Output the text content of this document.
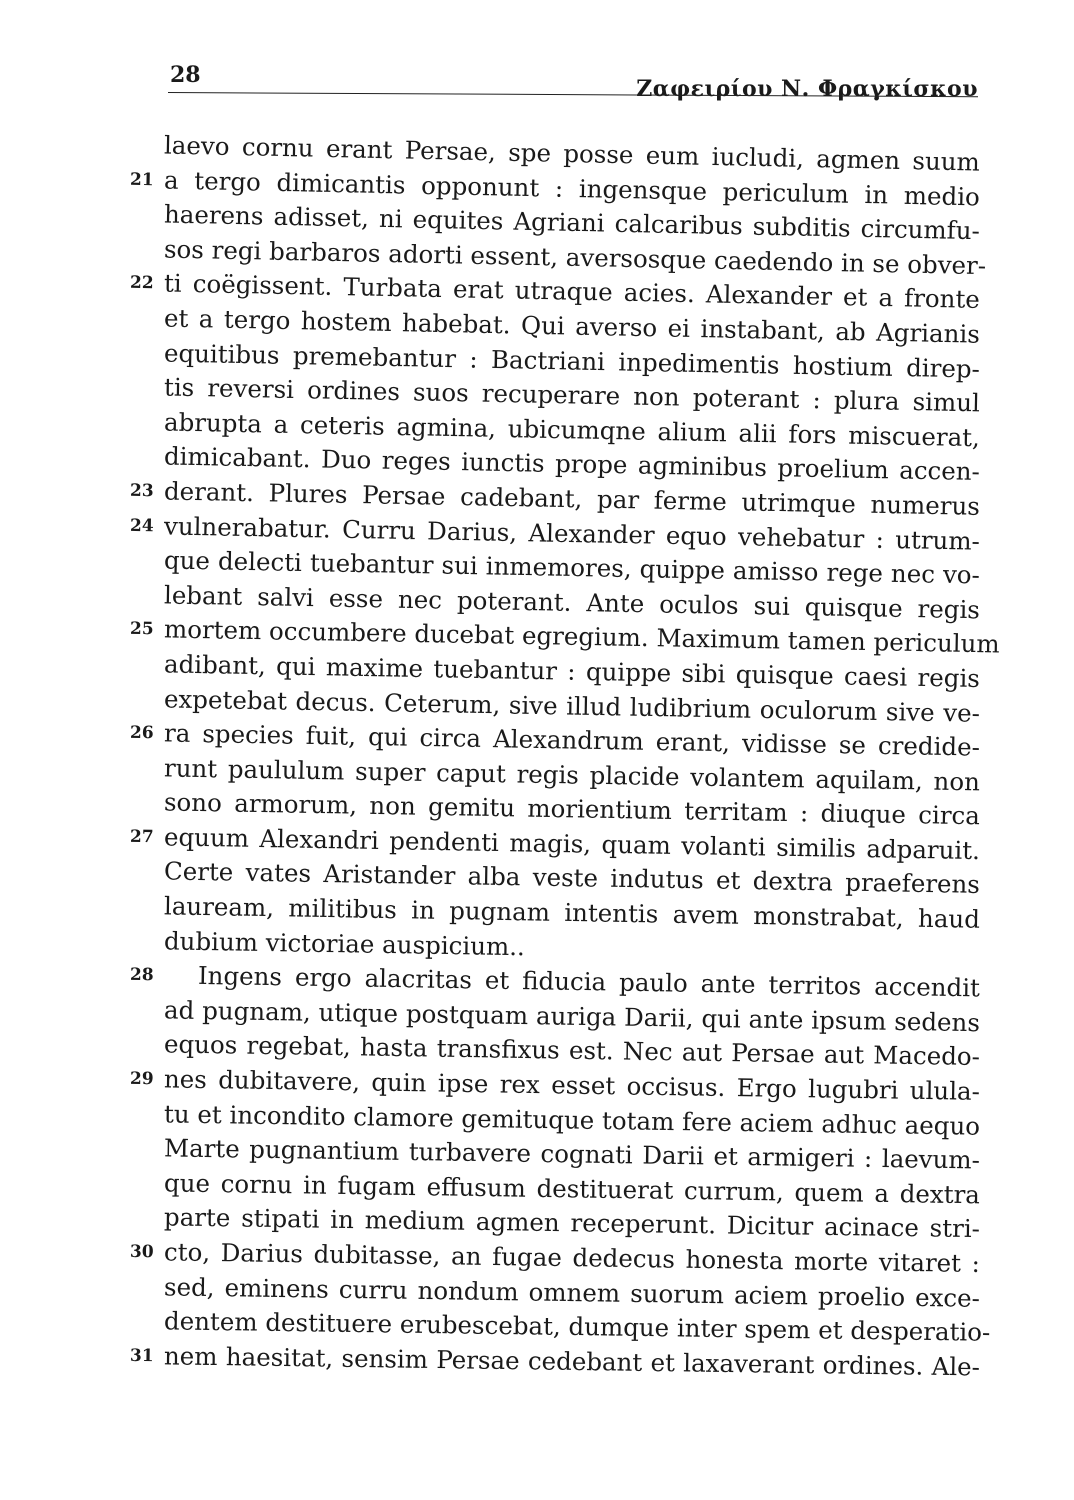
28
Ζαφειρίου Ν. Φραγκίσκου
laevo cornu erant Persae, spe posse eum iucludi, agmen suum
21 a tergo dimicantis opponunt : ingensque periculum in medio
haerens adisset, ni equites Agriani calcaribus subditis circumfu-
sos regi barbaros adorti essent, aversosque caedendo in se obver-
22 ti coëgissent. Turbata erat utraque acies. Alexander et a fronte
et a tergo hostem habebat. Qui averso ei instabant, ab Agrianis
equitibus premebantur : Bactriani inpedimentis hostium direp-
tis reversi ordines suos recuperare non poterant : plura simul
abrupta a ceteris agmina, ubicumqne alium alii fors miscuerat,
dimicabant. Duo reges iunctis prope agminibus proelium accen-
23 derant. Plures Persae cadebant, par ferme utrimque numerus
24 vulnerabatur. Curru Darius, Alexander equo vehebatur : utrum-
que delecti tuebantur sui inmemores, quippe amisso rege nec vo-
lebant salvi esse nec poterant. Ante oculos sui quisque regis
25 mortem occumbere ducebat egregium. Maximum tamen periculum
adibant, qui maxime tuebantur : quippe sibi quisque caesi regis
expetebat decus. Ceterum, sive illud ludibrium oculorum sive ve-
26 ra species fuit, qui circa Alexandrum erant, vidisse se credide-
runt paululum super caput regis placide volantem aquilam, non
sono armorum, non gemitu morientium territam : diuque circa
27 equum Alexandri pendenti magis, quam volanti similis adparuit.
Certe vates Aristander alba veste indutus et dextra praeferens
lauream, militibus in pugnam intentis avem monstrabat, haud
dubium victoriae auspicium..
28 Ingens ergo alacritas et fiducia paulo ante territos accendit
ad pugnam, utique postquam auriga Darii, qui ante ipsum sedens
equos regebat, hasta transfixus est. Nec aut Persae aut Macedo-
29 nes dubitavere, quin ipse rex esset occisus. Ergo lugubri ulula-
tu et incondito clamore gemituque totam fere aciem adhuc aequo
Marte pugnantium turbavere cognati Darii et armigeri : laevum-
que cornu in fugam effusum destituerat currum, quem a dextra
parte stipati in medium agmen receperunt. Dicitur acinace stri-
30 cto, Darius dubitasse, an fugae dedecus honesta morte vitaret :
sed, eminens curru nondum omnem suorum aciem proelio exce-
dentem destituere erubescebat, dumque inter spem et desperatio-
31 nem haesitat, sensim Persae cedebant et laxaverant ordines. Ale-
